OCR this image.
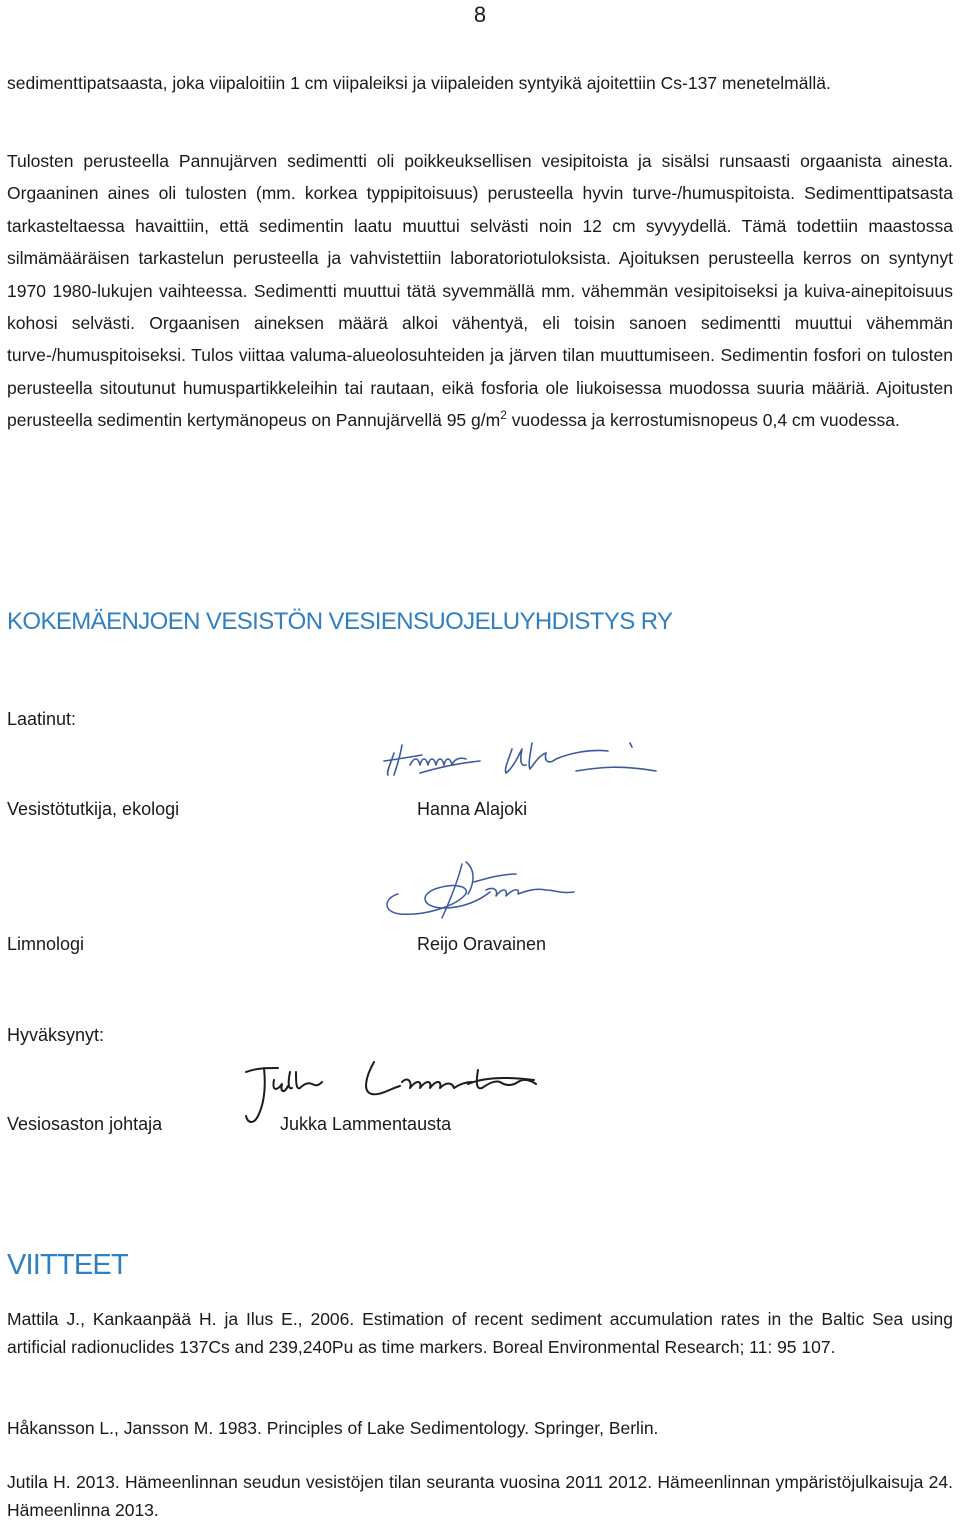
8

sedimenttipatsaasta, joka viipaloitiin 1 cm viipaleiksi ja viipaleiden syntyikä ajoitettiin Cs-137 menetelmällä.

Tulosten perusteella Pannujärven sedimentti oli poikkeuksellisen vesipitoista ja sisälsi runsaasti orgaanista ainesta. Orgaaninen aines oli tulosten (mm. korkea typpipitoisuus) perusteella hyvin turve-/humuspitoista. Sedimenttipatsasta tarkasteltaessa havaittiin, että sedimentin laatu muuttui selvästi noin 12 cm syvyydellä. Tämä todettiin maastossa silmämääräisen tarkastelun perusteella ja vahvistettiin laboratoriotuloksista. Ajoituksen perusteella kerros on syntynyt 1970 1980-lukujen vaihteessa. Sedimentti muuttui tätä syvemmällä mm. vähemmän vesipitoiseksi ja kuiva-ainepitoisuus kohosi selvästi. Orgaanisen aineksen määrä alkoi vähentyä, eli toisin sanoen sedimentti muuttui vähemmän turve-/humuspitoiseksi. Tulos viittaa valuma-alueolosuhteiden ja järven tilan muuttumiseen. Sedimentin fosfori on tulosten perusteella sitoutunut humuspartikkeleihin tai rautaan, eikä fosforia ole liukoisessa muodossa suuria määriä. Ajoitusten perusteella sedimentin kertymänopeus on Pannujärvellä 95 $g/m^2$ vuodessa ja kerrostumisnopeus 0,4 cm vuodessa.

KOKEMÄENJOEN VESISTÖN VESIENSUOJELUYHDISTYS RY
Laatinut:
Vesistötutkija, ekologi	Hanna Alajoki
Limnologi	Reijo Oravainen
Hyväksynyt:
Vesiosaston johtaja	Jukka Lammentausta
VIITTEET

Mattila J., Kankaanpää H. ja Ilus E., 2006. Estimation of recent sediment accumulation rates in the Baltic Sea using artificial radionuclides 137Cs and 239,240Pu as time markers. Boreal Environmental Research; 11: 95 107.

Håkansson L., Jansson M. 1983. Principles of Lake Sedimentology. Springer, Berlin.

Jutila H. 2013. Hämeenlinnan seudun vesistöjen tilan seuranta vuosina 2011 2012. Hämeenlinnan ympäristöjulkaisuja 24. Hämeenlinna 2013.
